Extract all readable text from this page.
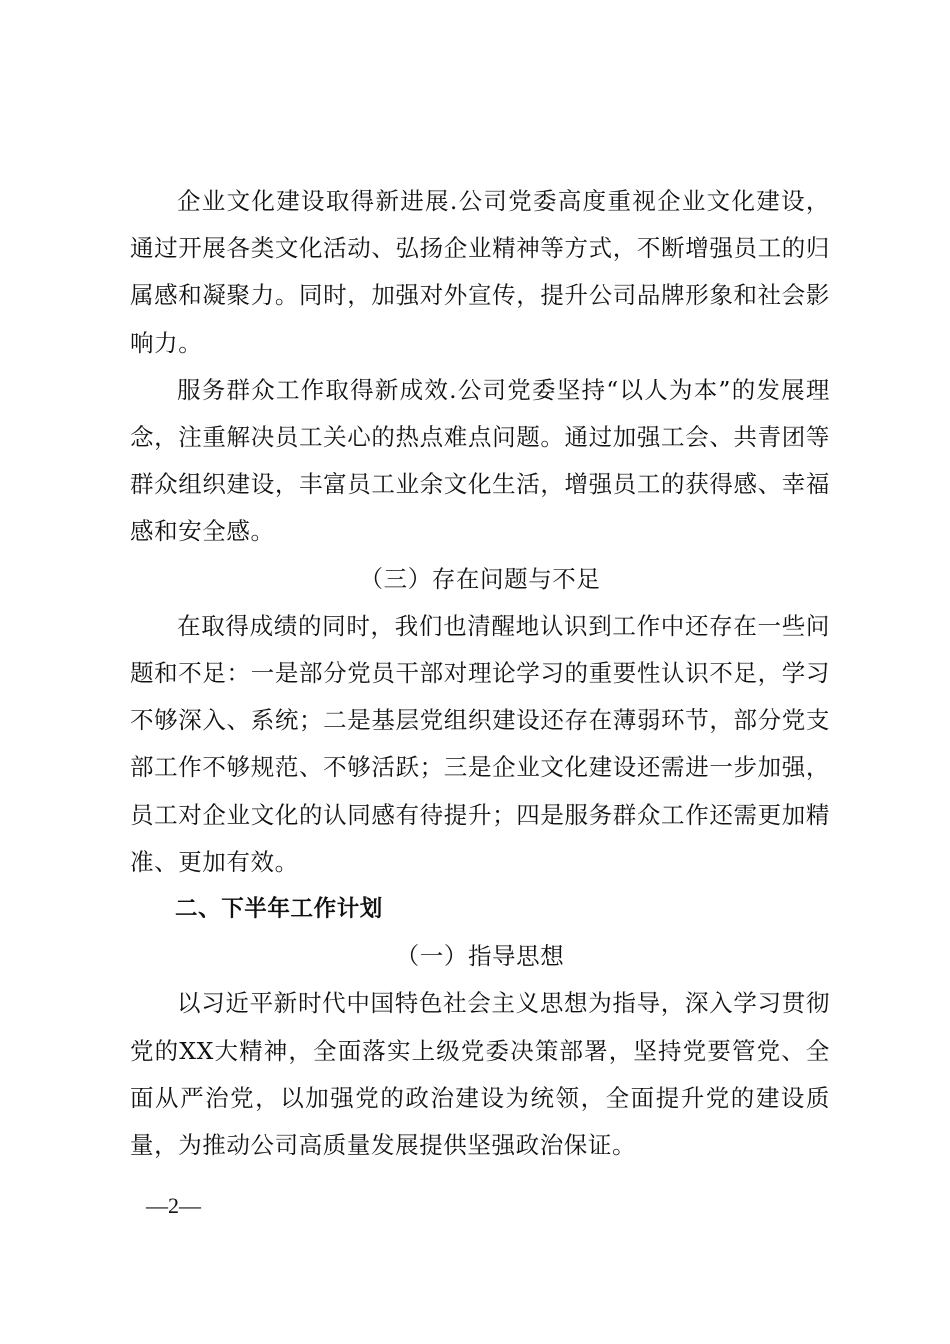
企业文化建设取得新进展.公司党委高度重视企业文化建设，通过开展各类文化活动、弘扬企业精神等方式，不断增强员工的归属感和凝聚力。同时，加强对外宣传，提升公司品牌形象和社会影响力。

服务群众工作取得新成效.公司党委坚持“以人为本”的发展理念，注重解决员工关心的热点难点问题。通过加强工会、共青团等群众组织建设，丰富员工业余文化生活，增强员工的获得感、幸福感和安全感。

（三）存在问题与不足

在取得成绩的同时，我们也清醒地认识到工作中还存在一些问题和不足：一是部分党员干部对理论学习的重要性认识不足，学习不够深入、系统；二是基层党组织建设还存在薄弱环节，部分党支部工作不够规范、不够活跃；三是企业文化建设还需进一步加强，员工对企业文化的认同感有待提升；四是服务群众工作还需更加精准、更加有效。

二、下半年工作计划

（一）指导思想

以习近平新时代中国特色社会主义思想为指导，深入学习贯彻党的XX大精神，全面落实上级党委决策部署，坚持党要管党、全面从严治党，以加强党的政治建设为统领，全面提升党的建设质量，为推动公司高质量发展提供坚强政治保证。

—2—
